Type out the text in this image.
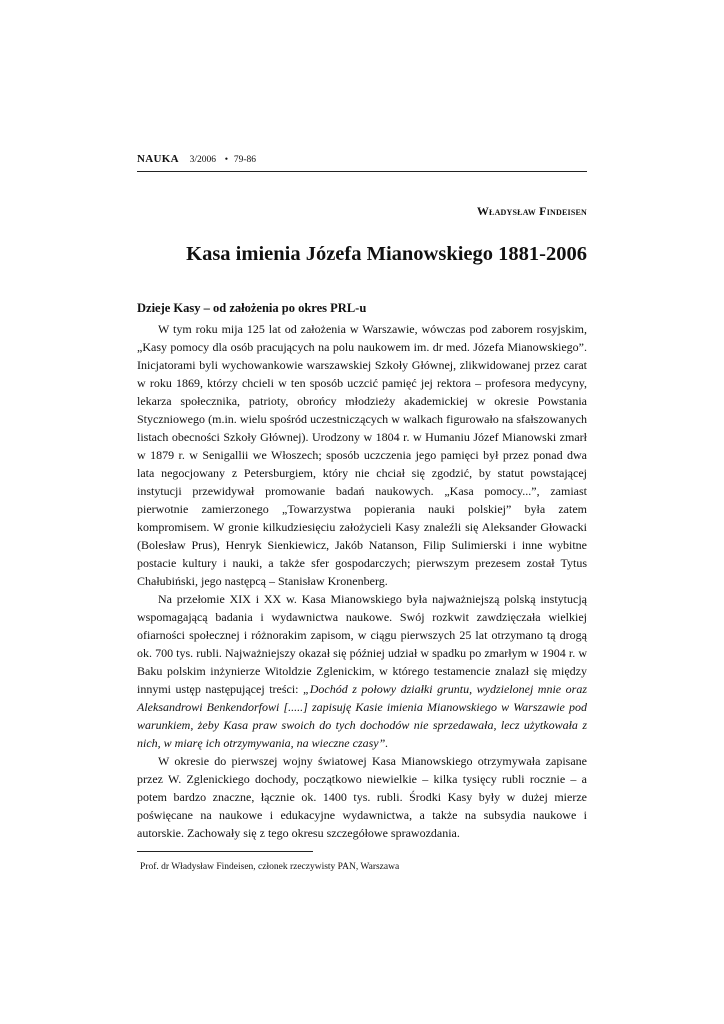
NAUKA 3/2006 • 79-86
Władysław Findeisen
Kasa imienia Józefa Mianowskiego 1881-2006
Dzieje Kasy – od założenia po okres PRL-u

W tym roku mija 125 lat od założenia w Warszawie, wówczas pod zaborem rosyjskim, „Kasy pomocy dla osób pracujących na polu naukowem im. dr med. Józefa Mianowskiego”. Inicjatorami byli wychowankowie warszawskiej Szkoły Głównej, zlikwidowanej przez carat w roku 1869, którzy chcieli w ten sposób uczcić pamięć jej rektora – profesora medycyny, lekarza społecznika, patrioty, obrońcy młodzieży akademickiej w okresie Powstania Styczniowego (m.in. wielu spośród uczestniczących w walkach figurowało na sfałszowanych listach obecności Szkoły Głównej). Urodzony w 1804 r. w Humaniu Józef Mianowski zmarł w 1879 r. w Senigallii we Włoszech; sposób uczczenia jego pamięci był przez ponad dwa lata negocjowany z Petersburgiem, który nie chciał się zgodzić, by statut powstającej instytucji przewidywał promowanie badań naukowych. „Kasa pomocy...”, zamiast pierwotnie zamierzonego „Towarzystwa popierania nauki polskiej” była zatem kompromisem. W gronie kilkudziesięciu założycieli Kasy znaleźli się Aleksander Głowacki (Bolesław Prus), Henryk Sienkiewicz, Jakób Natanson, Filip Sulimierski i inne wybitne postacie kultury i nauki, a także sfer gospodarczych; pierwszym prezesem został Tytus Chałubiński, jego następcą – Stanisław Kronenberg.

Na przełomie XIX i XX w. Kasa Mianowskiego była najważniejszą polską instytucją wspomagającą badania i wydawnictwa naukowe. Swój rozkwit zawdzięczała wielkiej ofiarności społecznej i różnorakim zapisom, w ciągu pierwszych 25 lat otrzymano tą drogą ok. 700 tys. rubli. Najważniejszy okazał się później udział w spadku po zmarłym w 1904 r. w Baku polskim inżynierze Witoldzie Zglenickim, w którego testamencie znalazł się między innymi ustęp następującej treści: „Dochód z połowy działki gruntu, wydzielonej mnie oraz Aleksandrowi Benkendorfowi [.....] zapisuję Kasie imienia Mianowskiego w Warszawie pod warunkiem, żeby Kasa praw swoich do tych dochodów nie sprzedawała, lecz użytkowała z nich, w miarę ich otrzymywania, na wieczne czasy”.

W okresie do pierwszej wojny światowej Kasa Mianowskiego otrzymywała zapisane przez W. Zglenickiego dochody, początkowo niewielkie – kilka tysięcy rubli rocznie – a potem bardzo znaczne, łącznie ok. 1400 tys. rubli. Środki Kasy były w dużej mierze poświęcane na naukowe i edukacyjne wydawnictwa, a także na subsydia naukowe i autorskie. Zachowały się z tego okresu szczegółowe sprawozdania.

Prof. dr Władysław Findeisen, członek rzeczywisty PAN, Warszawa
